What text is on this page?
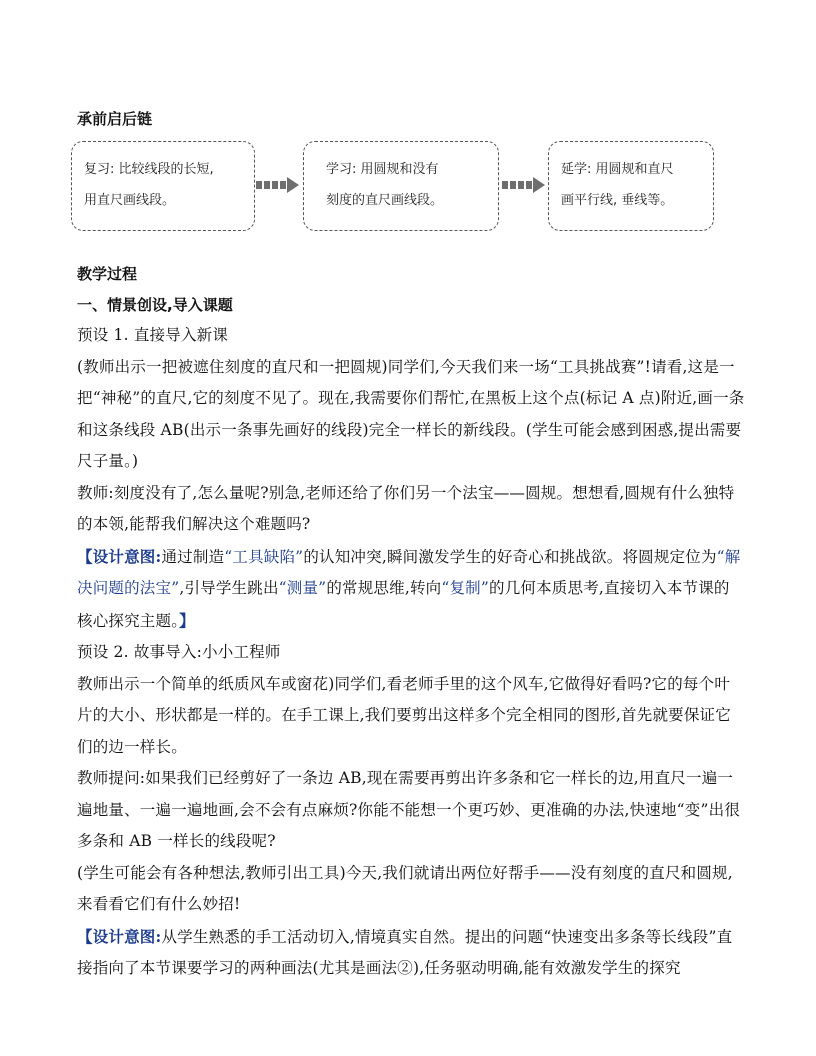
承前启后链
复习: 比较线段的长短,
用直尺画线段。
学习: 用圆规和没有
刻度的直尺画线段。
延学: 用圆规和直尺
画平行线, 垂线等。
教学过程
一、情景创设,导入课题

预设 1. 直接导入新课

(教师出示一把被遮住刻度的直尺和一把圆规)同学们,今天我们来一场“工具挑战赛”!请看,这是一把“神秘”的直尺,它的刻度不见了。现在,我需要你们帮忙,在黑板上这个点(标记 A 点)附近,画一条和这条线段 AB(出示一条事先画好的线段)完全一样长的新线段。(学生可能会感到困惑,提出需要尺子量。)

教师:刻度没有了,怎么量呢?别急,老师还给了你们另一个法宝——圆规。想想看,圆规有什么独特的本领,能帮我们解决这个难题吗?

【设计意图:通过制造“工具缺陷”的认知冲突,瞬间激发学生的好奇心和挑战欲。将圆规定位为“解决问题的法宝”,引导学生跳出“测量”的常规思维,转向“复制”的几何本质思考,直接切入本节课的核心探究主题。】

预设 2. 故事导入:小小工程师

教师出示一个简单的纸质风车或窗花)同学们,看老师手里的这个风车,它做得好看吗?它的每个叶片的大小、形状都是一样的。在手工课上,我们要剪出这样多个完全相同的图形,首先就要保证它们的边一样长。

教师提问:如果我们已经剪好了一条边 AB,现在需要再剪出许多条和它一样长的边,用直尺一遍一遍地量、一遍一遍地画,会不会有点麻烦?你能不能想一个更巧妙、更准确的办法,快速地“变”出很多条和 AB 一样长的线段呢?

(学生可能会有各种想法,教师引出工具)今天,我们就请出两位好帮手——没有刻度的直尺和圆规,来看看它们有什么妙招!

【设计意图:从学生熟悉的手工活动切入,情境真实自然。提出的问题“快速变出多条等长线段”直接指向了本节课要学习的两种画法(尤其是画法②),任务驱动明确,能有效激发学生的探究
